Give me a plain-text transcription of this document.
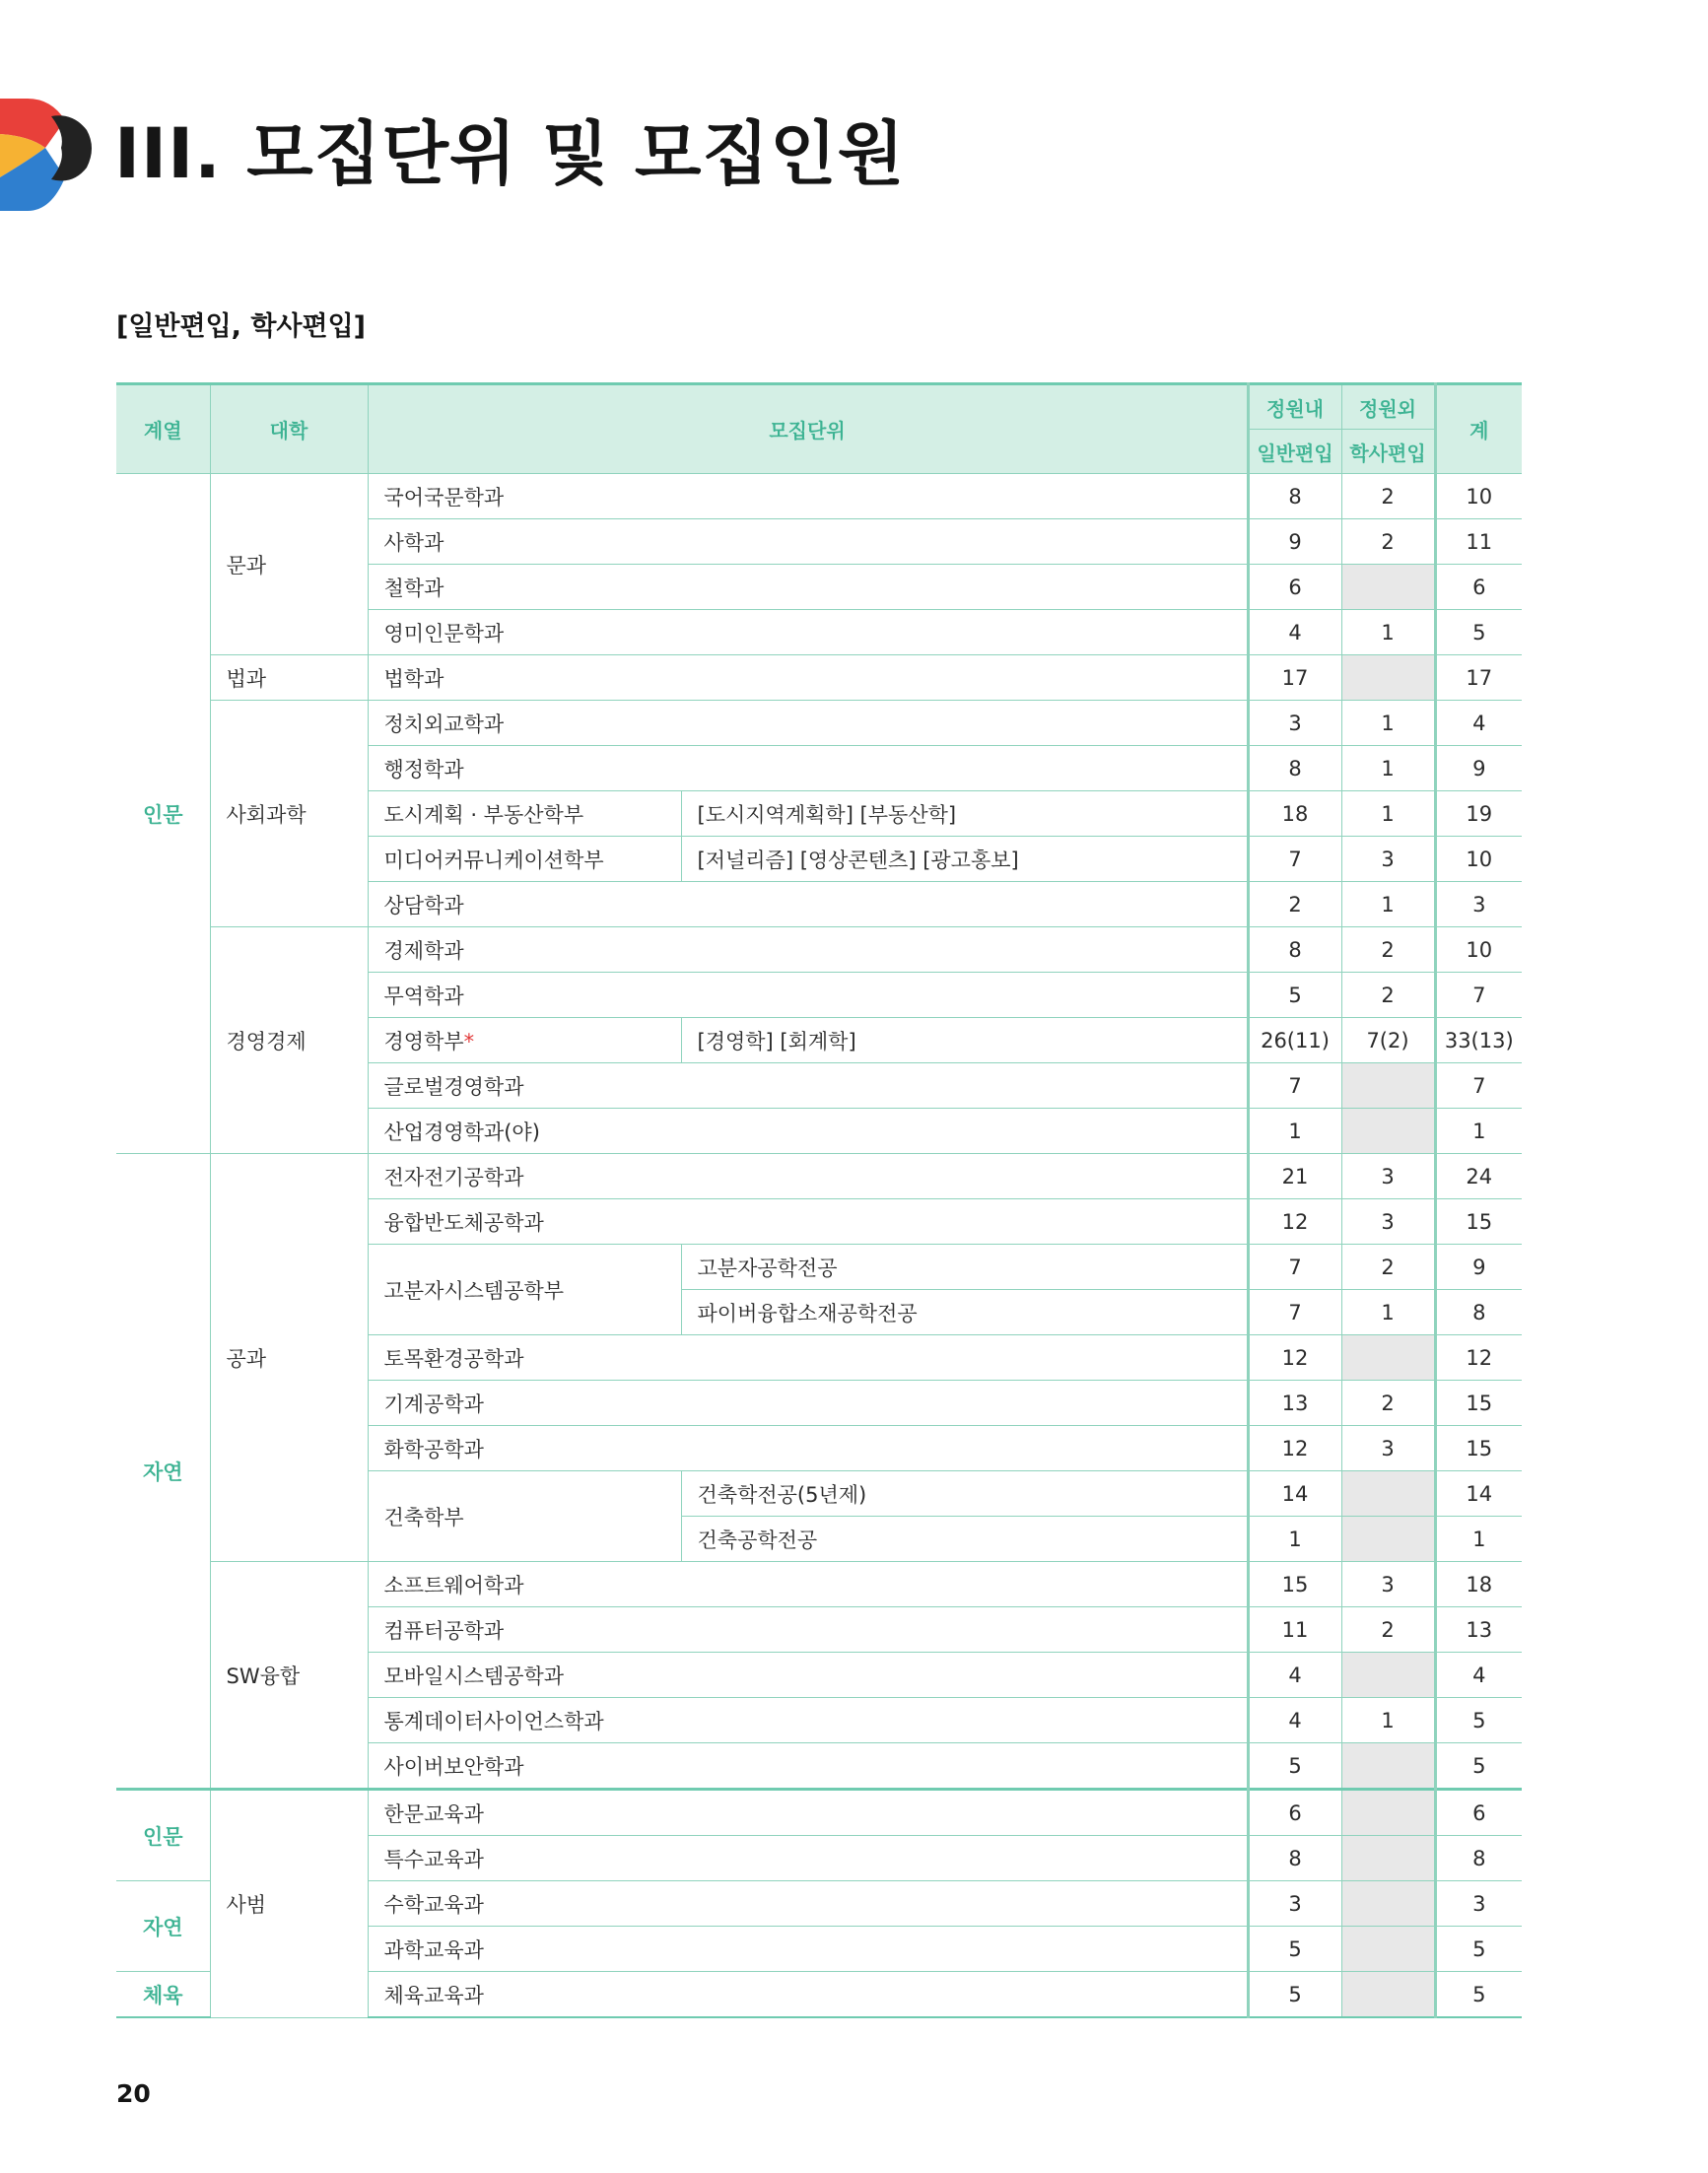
III. 모집단위 및 모집인원
[일반편입, 학사편입]
계열	대학	모집단위		정원내	정원외	계
				일반편입	학사편입	
인문	문과	국어국문학과		8	2	10
		사학과		9	2	11
		철학과		6		6
		영미인문학과		4	1	5
	법과	법학과		17		17
	사회과학	정치외교학과		3	1	4
		행정학과		8	1	9
		도시계획 · 부동산학부	[도시지역계획학] [부동산학]	18	1	19
		미디어커뮤니케이션학부	[저널리즘] [영상콘텐츠] [광고홍보]	7	3	10
		상담학과		2	1	3
	경영경제	경제학과		8	2	10
		무역학과		5	2	7
		경영학부*	[경영학] [회계학]	26(11)	7(2)	33(13)
		글로벌경영학과		7		7
		산업경영학과(야)		1		1
자연	공과	전자전기공학과		21	3	24
		융합반도체공학과		12	3	15
		고분자시스템공학부	고분자공학전공	7	2	9
			파이버융합소재공학전공	7	1	8
		토목환경공학과		12		12
		기계공학과		13	2	15
		화학공학과		12	3	15
		건축학부	건축학전공(5년제)	14		14
			건축공학전공	1		1
	SW융합	소프트웨어학과		15	3	18
		컴퓨터공학과		11	2	13
		모바일시스템공학과		4		4
		통계데이터사이언스학과		4	1	5
		사이버보안학과		5		5
인문	사범	한문교육과		6		6
		특수교육과		8		8
자연		수학교육과		3		3
		과학교육과		5		5
체육		체육교육과		5		5
20
